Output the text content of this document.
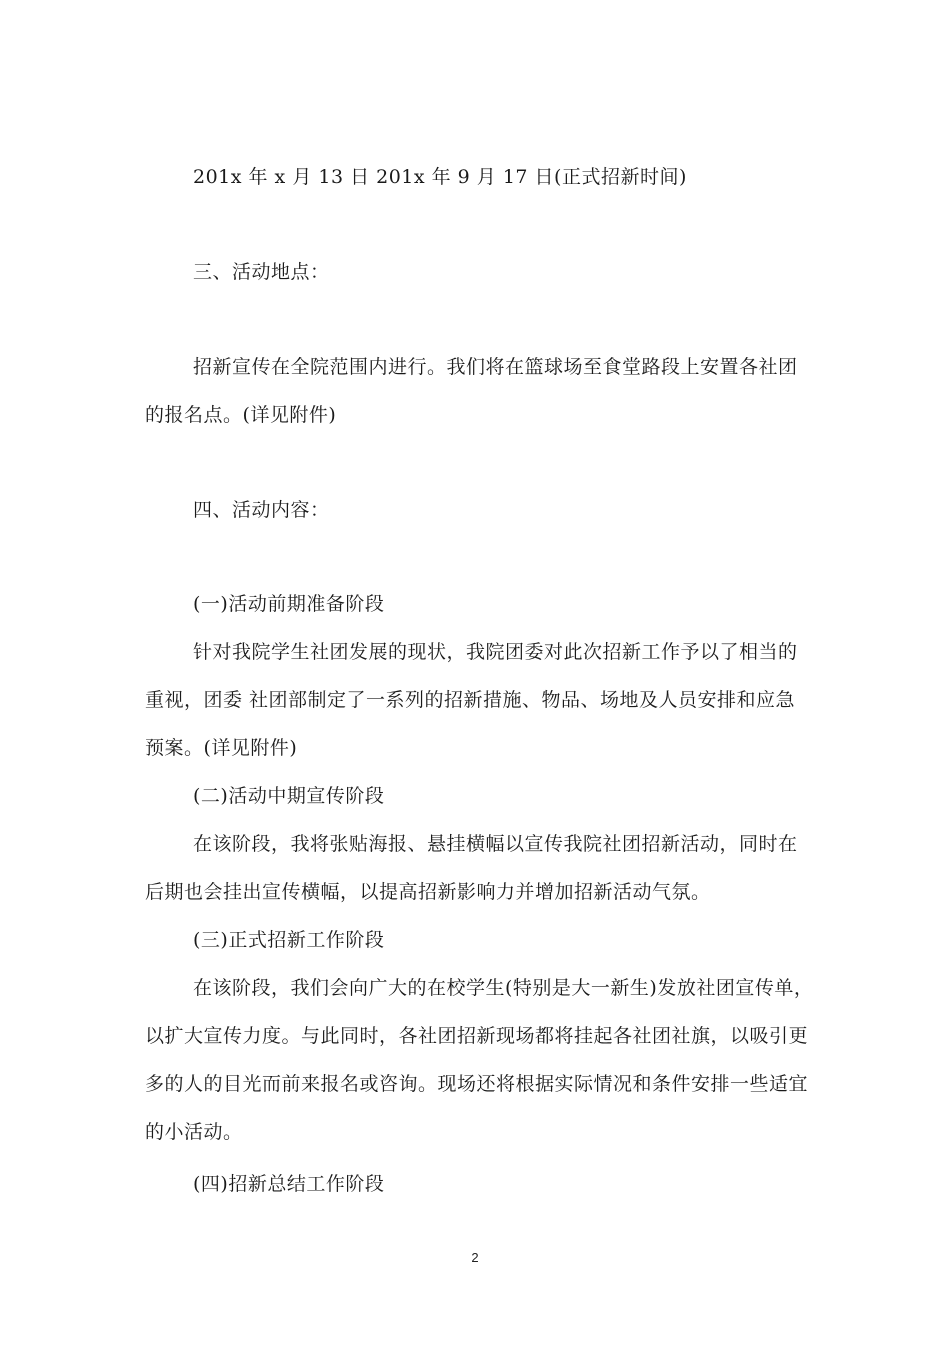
201x 年 x 月 13 日 201x 年 9 月 17 日(正式招新时间)

三、活动地点：

招新宣传在全院范围内进行。我们将在篮球场至食堂路段上安置各社团

的报名点。(详见附件)

四、活动内容：

(一)活动前期准备阶段

针对我院学生社团发展的现状，我院团委对此次招新工作予以了相当的

重视，团委 社团部制定了一系列的招新措施、物品、场地及人员安排和应急

预案。(详见附件)

(二)活动中期宣传阶段

在该阶段，我将张贴海报、悬挂横幅以宣传我院社团招新活动，同时在

后期也会挂出宣传横幅，以提高招新影响力并增加招新活动气氛。

(三)正式招新工作阶段

在该阶段，我们会向广大的在校学生(特别是大一新生)发放社团宣传单，

以扩大宣传力度。与此同时，各社团招新现场都将挂起各社团社旗，以吸引更

多的人的目光而前来报名或咨询。现场还将根据实际情况和条件安排一些适宜

的小活动。

(四)招新总结工作阶段

2
